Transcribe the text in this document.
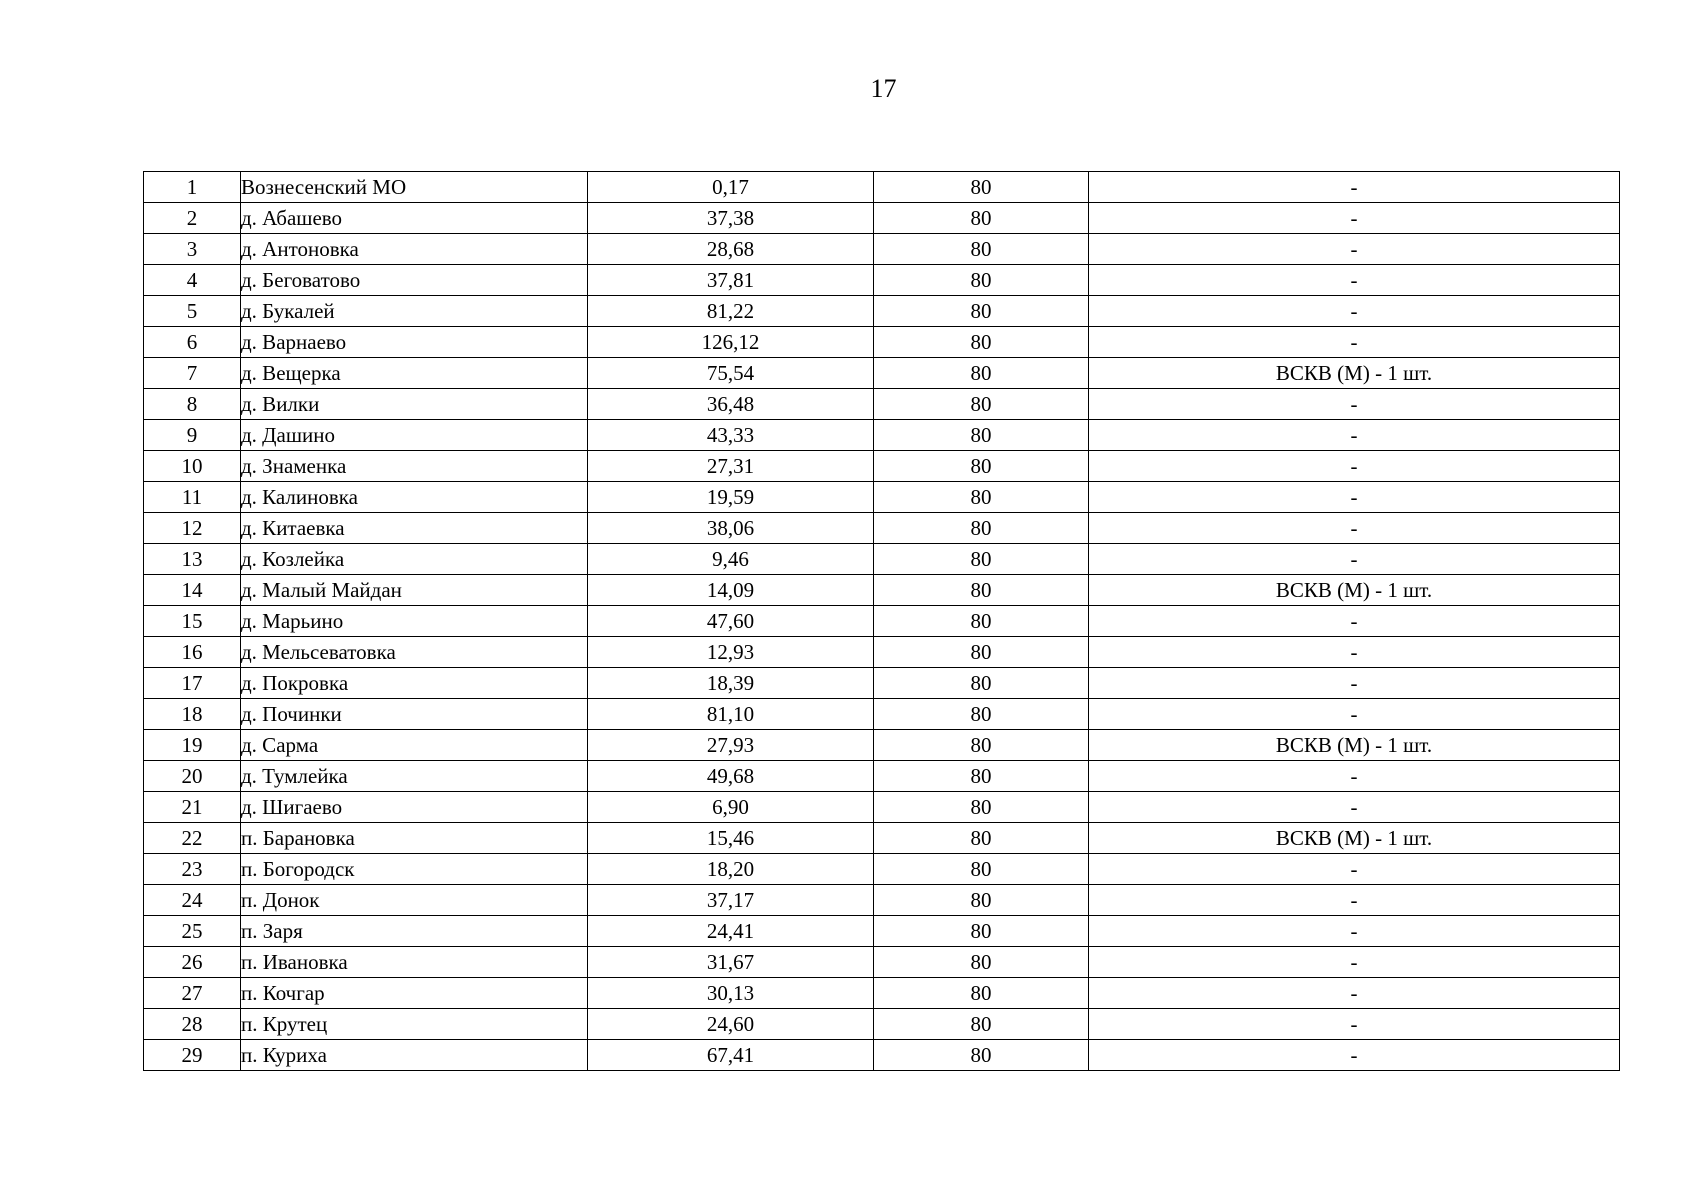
17
1	Вознесенский МО	0,17	80	-
2	д. Абашево	37,38	80	-
3	д. Антоновка	28,68	80	-
4	д. Беговатово	37,81	80	-
5	д. Букалей	81,22	80	-
6	д. Варнаево	126,12	80	-
7	д. Вещерка	75,54	80	ВСКВ (М) - 1 шт.
8	д. Вилки	36,48	80	-
9	д. Дашино	43,33	80	-
10	д. Знаменка	27,31	80	-
11	д. Калиновка	19,59	80	-
12	д. Китаевка	38,06	80	-
13	д. Козлейка	9,46	80	-
14	д. Малый Майдан	14,09	80	ВСКВ (М) - 1 шт.
15	д. Марьино	47,60	80	-
16	д. Мельсеватовка	12,93	80	-
17	д. Покровка	18,39	80	-
18	д. Починки	81,10	80	-
19	д. Сарма	27,93	80	ВСКВ (М) - 1 шт.
20	д. Тумлейка	49,68	80	-
21	д. Шигаево	6,90	80	-
22	п. Барановка	15,46	80	ВСКВ (М) - 1 шт.
23	п. Богородск	18,20	80	-
24	п. Донок	37,17	80	-
25	п. Заря	24,41	80	-
26	п. Ивановка	31,67	80	-
27	п. Кочгар	30,13	80	-
28	п. Крутец	24,60	80	-
29	п. Куриха	67,41	80	-
